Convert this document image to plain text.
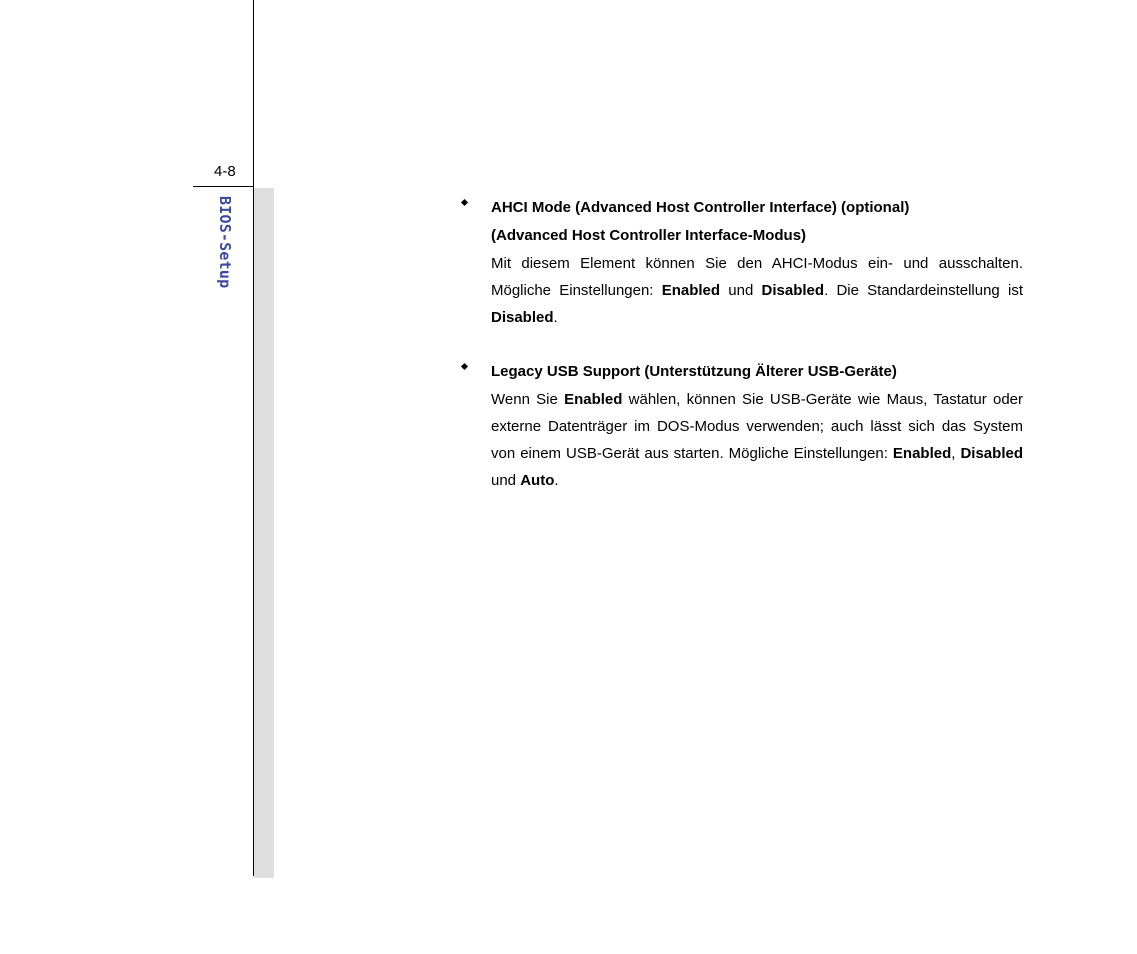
4-8
BIOS-Setup	AHCI Mode (Advanced Host Controller Interface) (optional)
(Advanced Host Controller Interface-Modus)

Mit diesem Element können Sie den AHCI-Modus ein- und ausschalten. Mögliche Einstellungen: Enabled und Disabled. Die Standardeinstellung ist Disabled.

Legacy USB Support (Unterstützung Älterer USB-Geräte)

Wenn Sie Enabled wählen, können Sie USB-Geräte wie Maus, Tastatur oder externe Datenträger im DOS-Modus verwenden; auch lässt sich das System von einem USB-Gerät aus starten. Mögliche Einstellungen: Enabled, Disabled und Auto.
